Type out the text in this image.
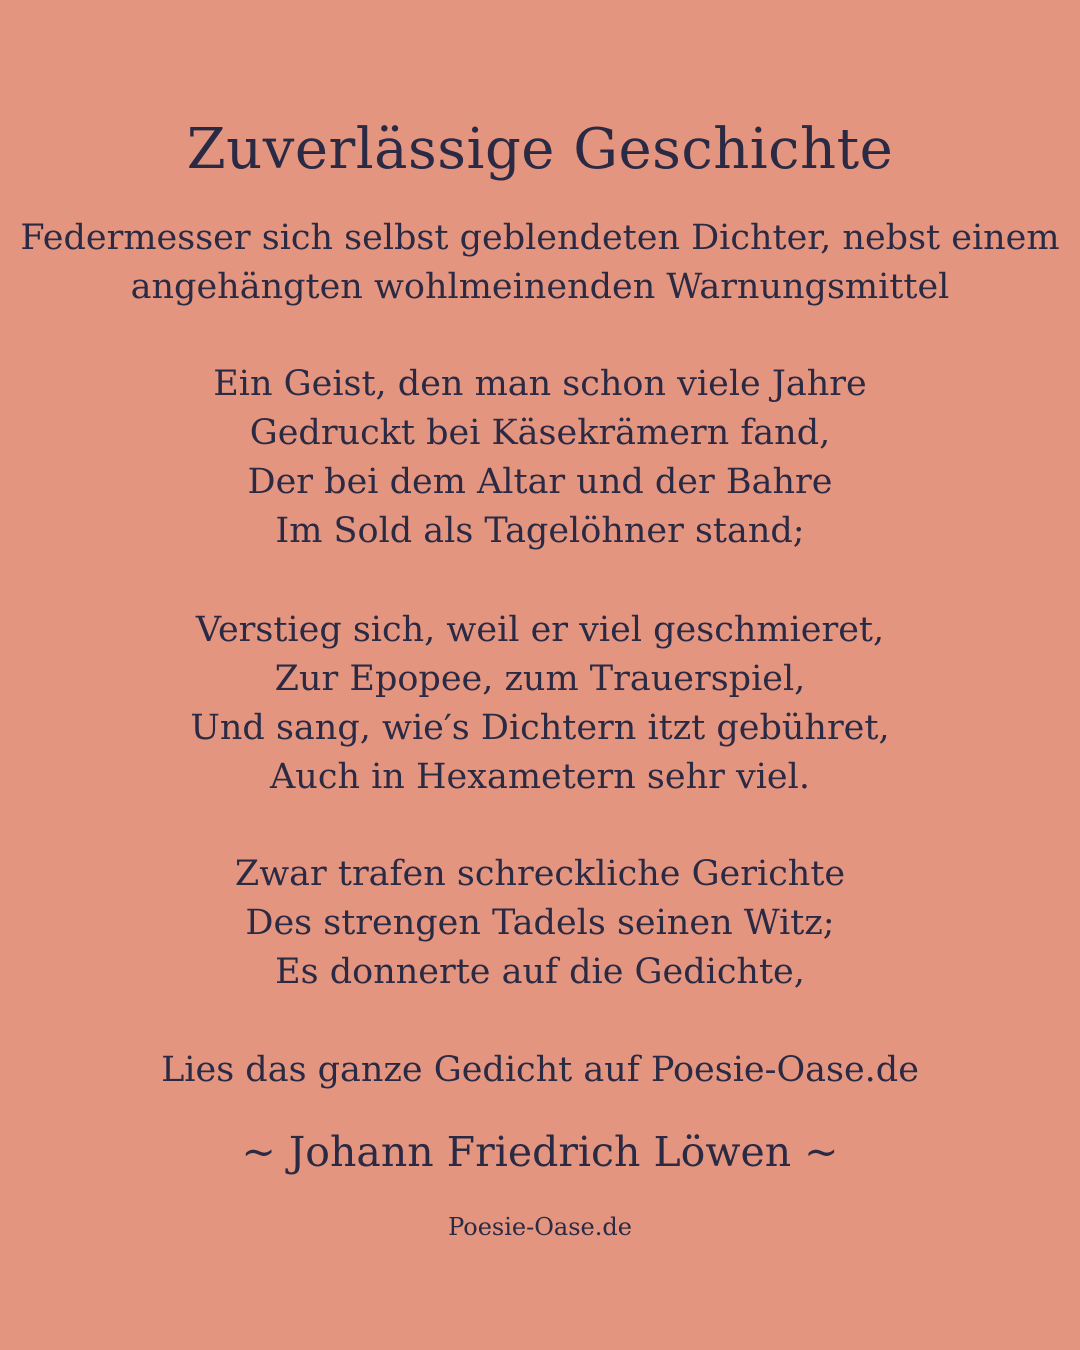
Zuverlässige Geschichte
Federmesser sich selbst geblendeten Dichter, nebst einem
angehängten wohlmeinenden Warnungsmittel
Ein Geist, den man schon viele Jahre
Gedruckt bei Käsekrämern fand,
Der bei dem Altar und der Bahre
Im Sold als Tagelöhner stand;
Verstieg sich, weil er viel geschmieret,
Zur Epopee, zum Trauerspiel,
Und sang, wie′s Dichtern itzt gebühret,
Auch in Hexametern sehr viel.
Zwar trafen schreckliche Gerichte
Des strengen Tadels seinen Witz;
Es donnerte auf die Gedichte,
Lies das ganze Gedicht auf Poesie-Oase.de
~ Johann Friedrich Löwen ~
Poesie-Oase.de
